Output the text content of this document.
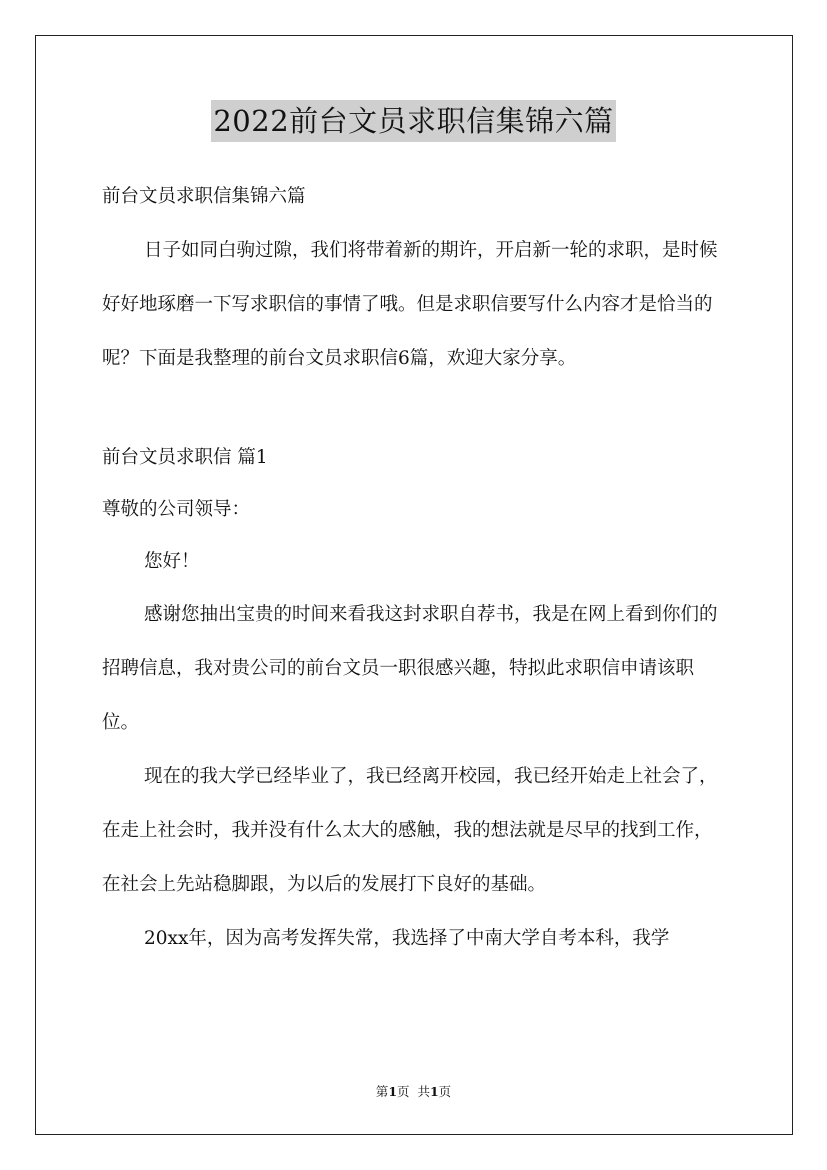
2022前台文员求职信集锦六篇

前台文员求职信集锦六篇

日子如同白驹过隙，我们将带着新的期许，开启新一轮的求职，是时候好好地琢磨一下写求职信的事情了哦。但是求职信要写什么内容才是恰当的呢？下面是我整理的前台文员求职信6篇，欢迎大家分享。

前台文员求职信 篇1

尊敬的公司领导：

您好！

感谢您抽出宝贵的时间来看我这封求职自荐书，我是在网上看到你们的招聘信息，我对贵公司的前台文员一职很感兴趣，特拟此求职信申请该职位。

现在的我大学已经毕业了，我已经离开校园，我已经开始走上社会了，在走上社会时，我并没有什么太大的感触，我的想法就是尽早的找到工作，在社会上先站稳脚跟，为以后的发展打下良好的基础。

20xx年，因为高考发挥失常，我选择了中南大学自考本科，我学

第1页  共1页
